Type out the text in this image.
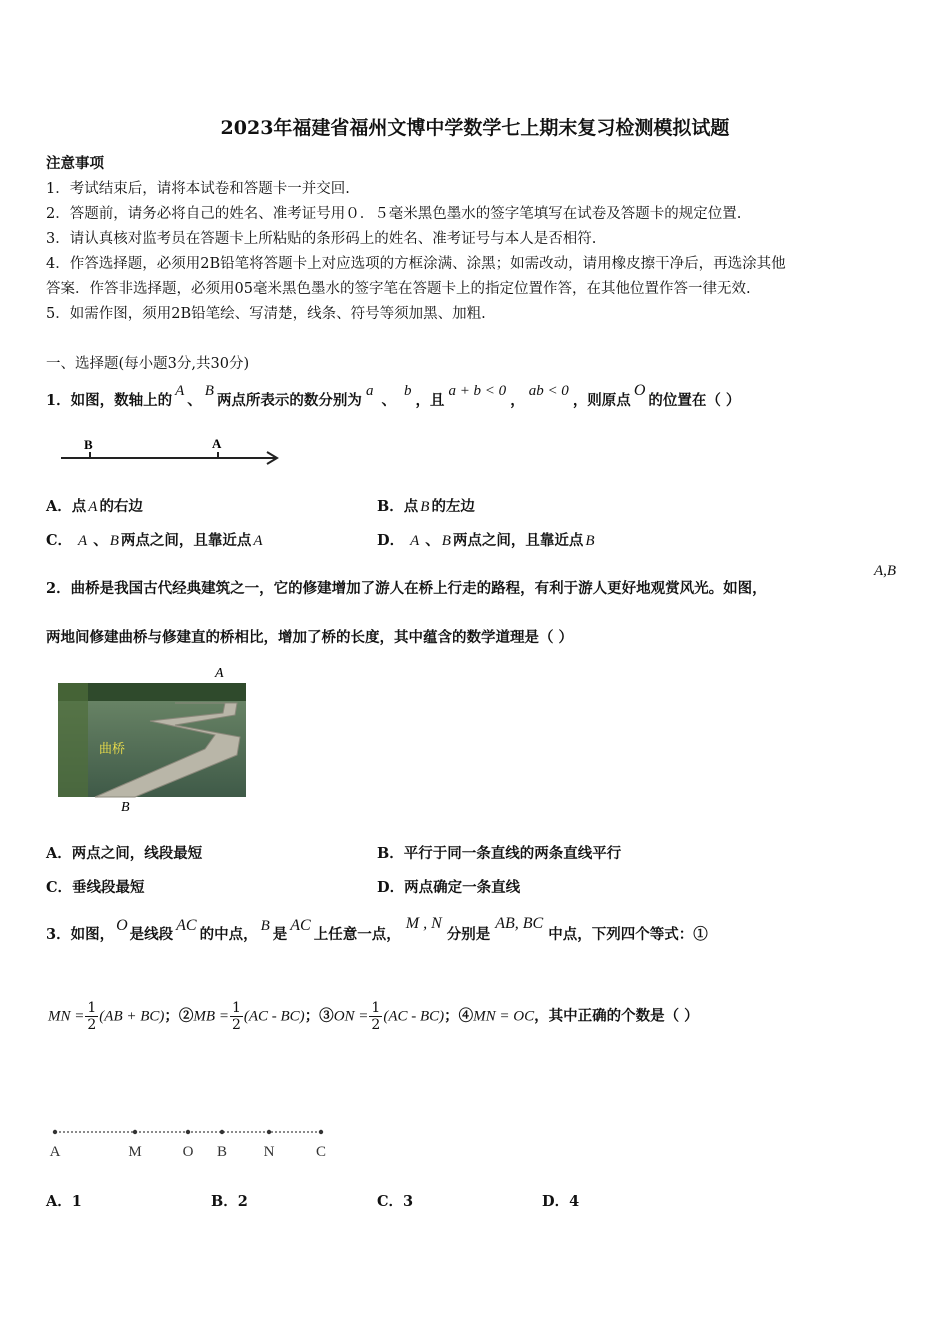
2023年福建省福州文博中学数学七上期末复习检测模拟试题
注意事项
1．考试结束后，请将本试卷和答题卡一并交回.
2．答题前，请务必将自己的姓名、准考证号用０．５毫米黑色墨水的签字笔填写在试卷及答题卡的规定位置.
3．请认真核对监考员在答题卡上所粘贴的条形码上的姓名、准考证号与本人是否相符.
4．作答选择题，必须用2B铅笔将答题卡上对应选项的方框涂满、涂黑；如需改动，请用橡皮擦干净后，再选涂其他
答案．作答非选择题，必须用05毫米黑色墨水的签字笔在答题卡上的指定位置作答，在其他位置作答一律无效.
5．如需作图，须用2B铅笔绘、写清楚，线条、符号等须加黑、加粗.
一、选择题(每小题3分,共30分)
1．如图，数轴上的A、B两点所表示的数分别为a、b，且a + b < 0，ab < 0，则原点O的位置在（ ）
B	A
A．点 A 的右边	B．点 B 的左边
C． A 、 B 两点之间，且靠近点 A	D． A 、 B 两点之间，且靠近点 B
2．曲桥是我国古代经典建筑之一，它的修建增加了游人在桥上行走的路程，有利于游人更好地观赏风光。如图，
A,B
两地间修建曲桥与修建直的桥相比，增加了桥的长度，其中蕴含的数学道理是（ ）
曲桥
A
B
A．两点之间，线段最短	B．平行于同一条直线的两条直线平行
C．垂线段最短	D．两点确定一条直线
3．如图，O是线段AC的中点， B 是AC上任意一点，M , N分别是AB, BC中点，下列四个等式：①
MN = $\frac{1}{2} (AB + BC)$；②MB = $\frac{1}{2} (AC - BC)$；③ON = $\frac{1}{2} (AC - BC)$；④MN = OC，其中正确的个数是（ ）
A	M	O B N	C
A．1	B．2	C．3	D．4
